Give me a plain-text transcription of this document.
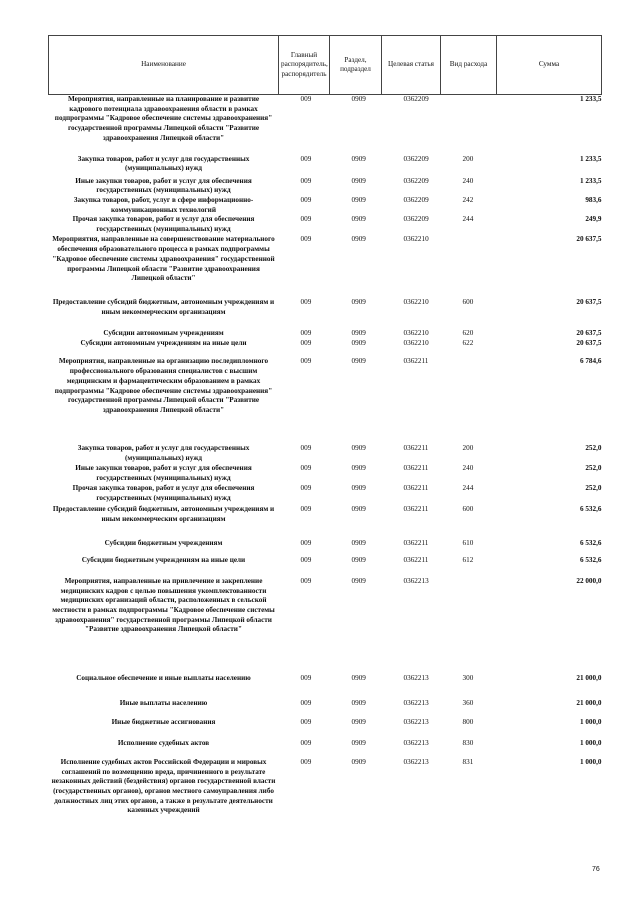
Наименование	Главный распорядитель, распорядитель	Раздел, подраздел	Целевая статья	Вид расхода	Сумма
Мероприятия, направленные на планирование и развитие кадрового потенциала здравоохранения области в рамках подпрограммы "Кадровое обеспечение системы здравоохранения" государственной программы Липецкой области "Развитие здравоохранения Липецкой области"	009	0909	0362209		1 233,5
Закупка товаров, работ и услуг для государственных (муниципальных) нужд	009	0909	0362209	200	1 233,5
Иные закупки товаров, работ и услуг для обеспечения государственных (муниципальных) нужд	009	0909	0362209	240	1 233,5
Закупка товаров, работ, услуг в сфере информационно-коммуникационных технологий	009	0909	0362209	242	983,6
Прочая закупка товаров, работ и услуг для обеспечения государственных (муниципальных) нужд	009	0909	0362209	244	249,9
Мероприятия, направленные на совершенствование материального обеспечения образовательного процесса в рамках подпрограммы "Кадровое обеспечение системы здравоохранения" государственной программы Липецкой области "Развитие здравоохранения Липецкой области"	009	0909	0362210		20 637,5
Предоставление субсидий бюджетным, автономным учреждениям и иным некоммерческим организациям	009	0909	0362210	600	20 637,5
Субсидии автономным учреждениям	009	0909	0362210	620	20 637,5
Субсидии автономным учреждениям на иные цели	009	0909	0362210	622	20 637,5
Мероприятия, направленные на организацию последипломного профессионального образования специалистов с высшим медицинским и фармацевтическим образованием в рамках подпрограммы "Кадровое обеспечение системы здравоохранения" государственной программы Липецкой области "Развитие здравоохранения Липецкой области"	009	0909	0362211		6 784,6
Закупка товаров, работ и услуг для государственных (муниципальных) нужд	009	0909	0362211	200	252,0
Иные закупки товаров, работ и услуг для обеспечения государственных (муниципальных) нужд	009	0909	0362211	240	252,0
Прочая закупка товаров, работ и услуг для обеспечения государственных (муниципальных) нужд	009	0909	0362211	244	252,0
Предоставление субсидий бюджетным, автономным учреждениям и иным некоммерческим организациям	009	0909	0362211	600	6 532,6
Субсидии бюджетным учреждениям	009	0909	0362211	610	6 532,6
Субсидии бюджетным учреждениям на иные цели	009	0909	0362211	612	6 532,6
Мероприятия, направленные на привлечение и закрепление медицинских кадров с целью повышения укомплектованности медицинских организаций области, расположенных в сельской местности в рамках подпрограммы "Кадровое обеспечение системы здравоохранения" государственной программы Липецкой области "Развитие здравоохранения Липецкой области"	009	0909	0362213		22 000,0
Социальное обеспечение и иные выплаты населению	009	0909	0362213	300	21 000,0
Иные выплаты населению	009	0909	0362213	360	21 000,0
Иные бюджетные ассигнования	009	0909	0362213	800	1 000,0
Исполнение судебных актов	009	0909	0362213	830	1 000,0
Исполнение судебных актов Российской Федерации и мировых соглашений по возмещению вреда, причиненного в результате незаконных действий (бездействия) органов государственной власти (государственных органов), органов местного самоуправления либо должностных лиц этих органов, а также в результате деятельности казенных учреждений	009	0909	0362213	831	1 000,0
76
